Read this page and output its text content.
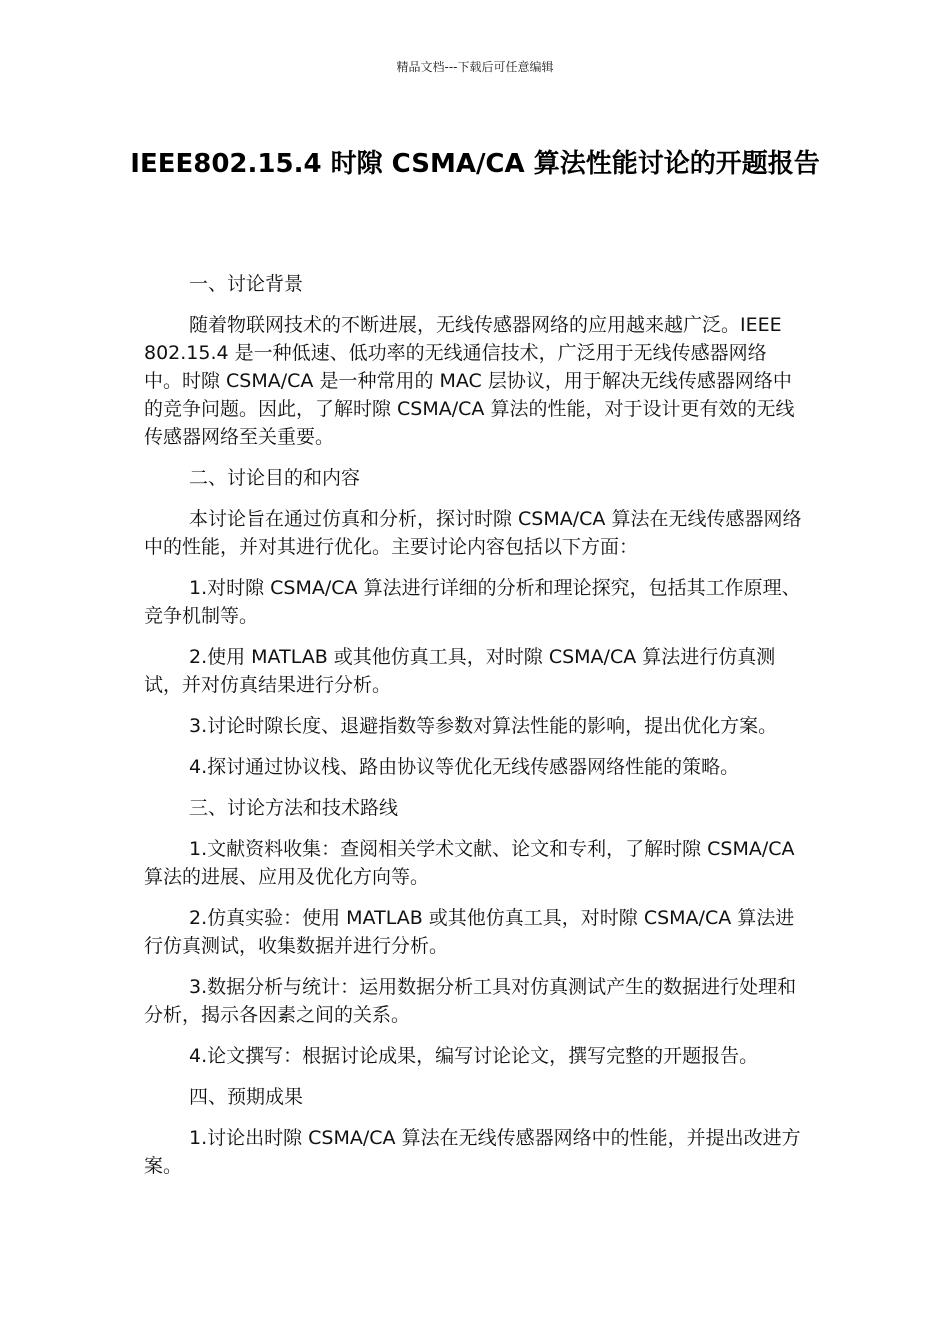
精品文档---下载后可任意编辑
IEEE802.15.4 时隙 CSMA/CA 算法性能讨论的开题报告
一、讨论背景

随着物联网技术的不断进展，无线传感器网络的应用越来越广泛。IEEE 802.15.4 是一种低速、低功率的无线通信技术，广泛用于无线传感器网络中。时隙 CSMA/CA 是一种常用的 MAC 层协议，用于解决无线传感器网络中的竞争问题。因此，了解时隙 CSMA/CA 算法的性能，对于设计更有效的无线传感器网络至关重要。

二、讨论目的和内容

本讨论旨在通过仿真和分析，探讨时隙 CSMA/CA 算法在无线传感器网络中的性能，并对其进行优化。主要讨论内容包括以下方面：

1.对时隙 CSMA/CA 算法进行详细的分析和理论探究，包括其工作原理、竞争机制等。

2.使用 MATLAB 或其他仿真工具，对时隙 CSMA/CA 算法进行仿真测试，并对仿真结果进行分析。

3.讨论时隙长度、退避指数等参数对算法性能的影响，提出优化方案。

4.探讨通过协议栈、路由协议等优化无线传感器网络性能的策略。

三、讨论方法和技术路线

1.文献资料收集：查阅相关学术文献、论文和专利，了解时隙 CSMA/CA 算法的进展、应用及优化方向等。

2.仿真实验：使用 MATLAB 或其他仿真工具，对时隙 CSMA/CA 算法进行仿真测试，收集数据并进行分析。

3.数据分析与统计：运用数据分析工具对仿真测试产生的数据进行处理和分析，揭示各因素之间的关系。

4.论文撰写：根据讨论成果，编写讨论论文，撰写完整的开题报告。

四、预期成果

1.讨论出时隙 CSMA/CA 算法在无线传感器网络中的性能，并提出改进方案。
